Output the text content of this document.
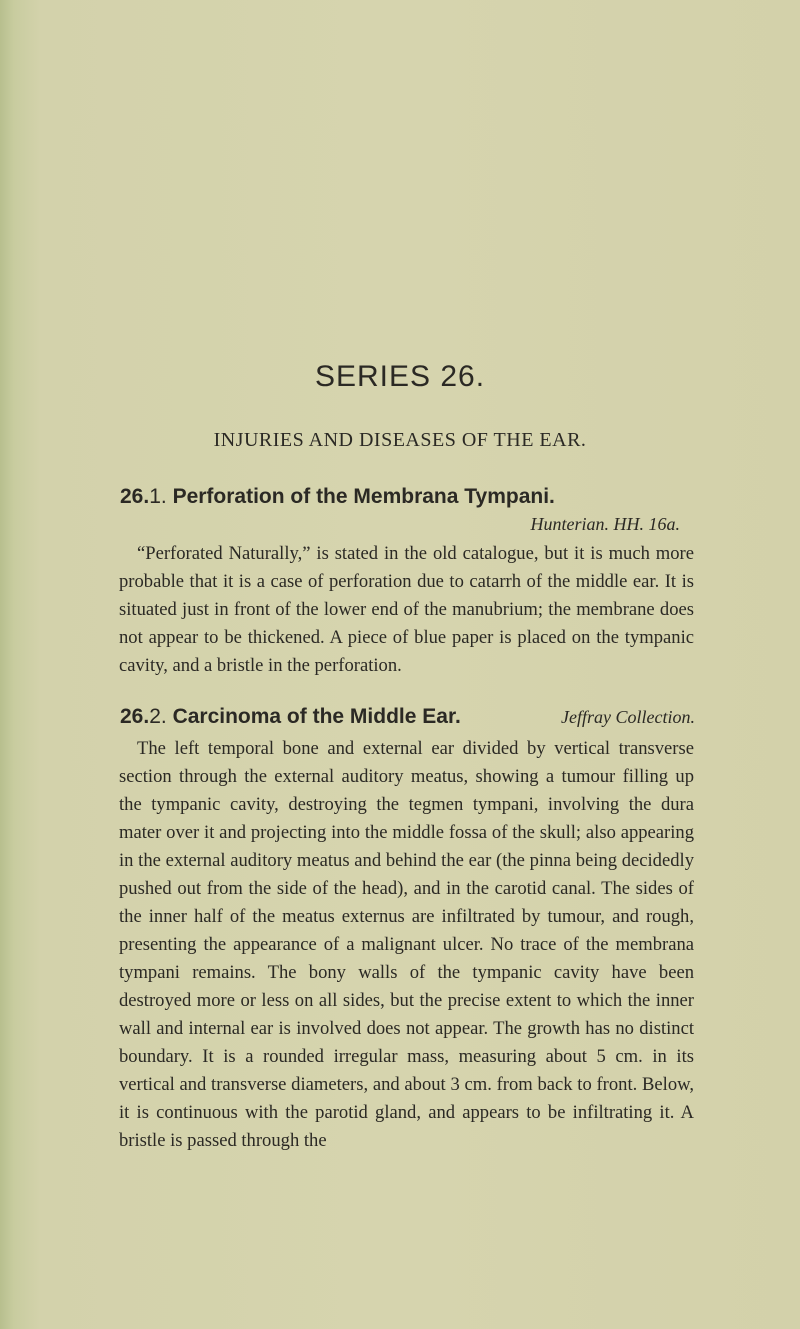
SERIES 26.
INJURIES AND DISEASES OF THE EAR.
26.1. Perforation of the Membrana Tympani.
Hunterian. HH. 16a.
“Perforated Naturally,” is stated in the old catalogue, but it is much more probable that it is a case of perforation due to catarrh of the middle ear. It is situated just in front of the lower end of the manubrium; the membrane does not appear to be thickened. A piece of blue paper is placed on the tympanic cavity, and a bristle in the perforation.
26.2. Carcinoma of the Middle Ear.	Jeffray Collection.
The left temporal bone and external ear divided by vertical transverse section through the external auditory meatus, showing a tumour filling up the tympanic cavity, destroying the tegmen tympani, involving the dura mater over it and projecting into the middle fossa of the skull; also appearing in the external auditory meatus and behind the ear (the pinna being decidedly pushed out from the side of the head), and in the carotid canal. The sides of the inner half of the meatus externus are infiltrated by tumour, and rough, presenting the appearance of a malignant ulcer. No trace of the membrana tympani remains. The bony walls of the tympanic cavity have been destroyed more or less on all sides, but the precise extent to which the inner wall and internal ear is involved does not appear. The growth has no distinct boundary. It is a rounded irregular mass, measuring about 5 cm. in its vertical and transverse diameters, and about 3 cm. from back to front. Below, it is continuous with the parotid gland, and appears to be infiltrating it. A bristle is passed through the
